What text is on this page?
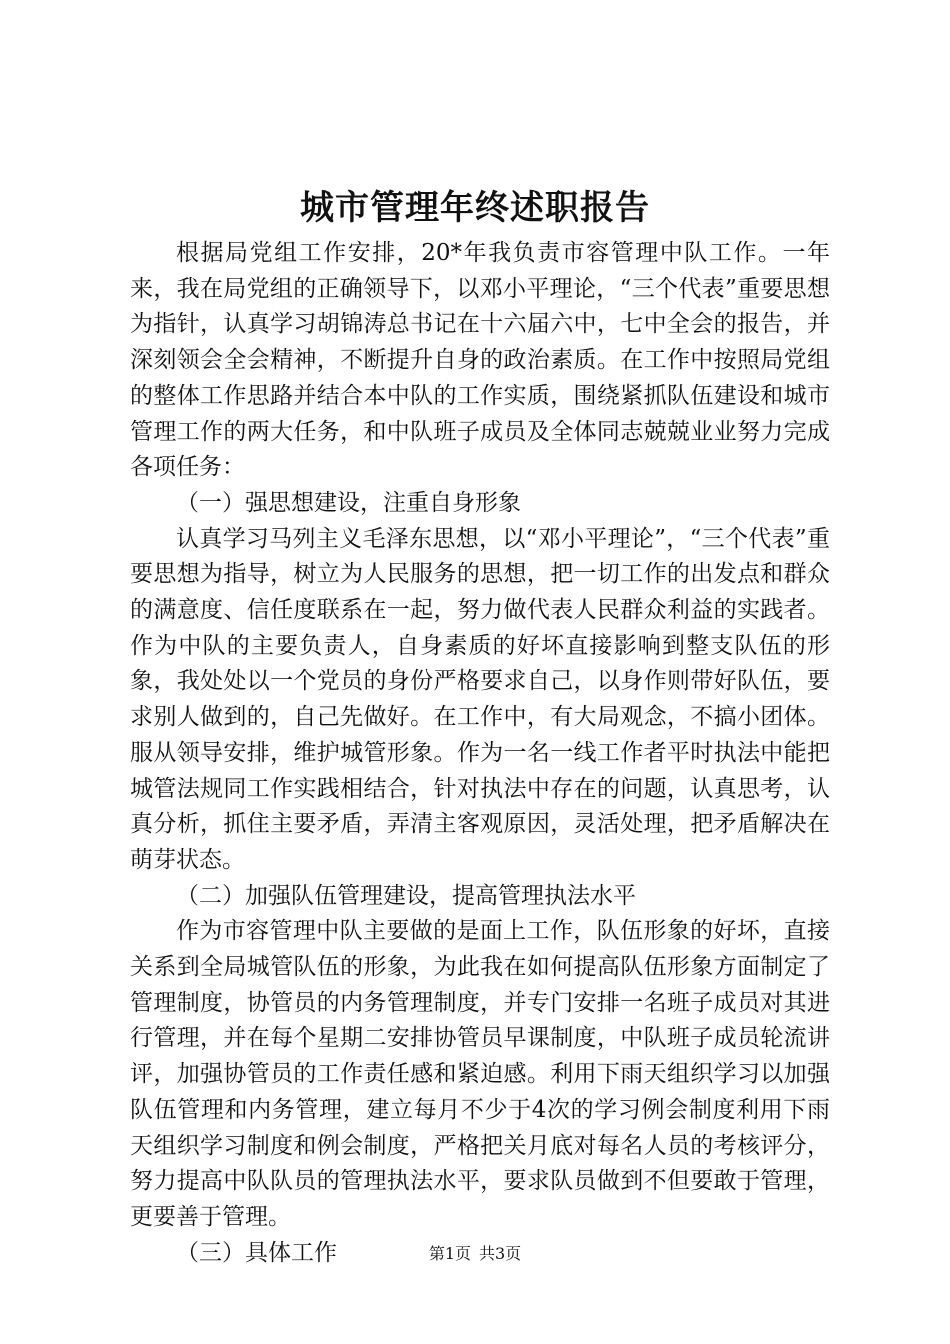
城市管理年终述职报告

根据局党组工作安排，20*年我负责市容管理中队工作。一年来，我在局党组的正确领导下，以邓小平理论，“三个代表”重要思想为指针，认真学习胡锦涛总书记在十六届六中，七中全会的报告，并深刻领会全会精神，不断提升自身的政治素质。在工作中按照局党组的整体工作思路并结合本中队的工作实质，围绕紧抓队伍建设和城市管理工作的两大任务，和中队班子成员及全体同志兢兢业业努力完成各项任务：

（一）强思想建设，注重自身形象

认真学习马列主义毛泽东思想，以“邓小平理论”，“三个代表”重要思想为指导，树立为人民服务的思想，把一切工作的出发点和群众的满意度、信任度联系在一起，努力做代表人民群众利益的实践者。作为中队的主要负责人，自身素质的好坏直接影响到整支队伍的形象，我处处以一个党员的身份严格要求自己，以身作则带好队伍，要求别人做到的，自己先做好。在工作中，有大局观念，不搞小团体。服从领导安排，维护城管形象。作为一名一线工作者平时执法中能把城管法规同工作实践相结合，针对执法中存在的问题，认真思考，认真分析，抓住主要矛盾，弄清主客观原因，灵活处理，把矛盾解决在萌芽状态。

（二）加强队伍管理建设，提高管理执法水平

作为市容管理中队主要做的是面上工作，队伍形象的好坏，直接关系到全局城管队伍的形象，为此我在如何提高队伍形象方面制定了管理制度，协管员的内务管理制度，并专门安排一名班子成员对其进行管理，并在每个星期二安排协管员早课制度，中队班子成员轮流讲评，加强协管员的工作责任感和紧迫感。利用下雨天组织学习以加强队伍管理和内务管理，建立每月不少于4次的学习例会制度利用下雨天组织学习制度和例会制度，严格把关月底对每名人员的考核评分，努力提高中队队员的管理执法水平，要求队员做到不但要敢于管理，更要善于管理。

（三）具体工作	第1页 共3页
